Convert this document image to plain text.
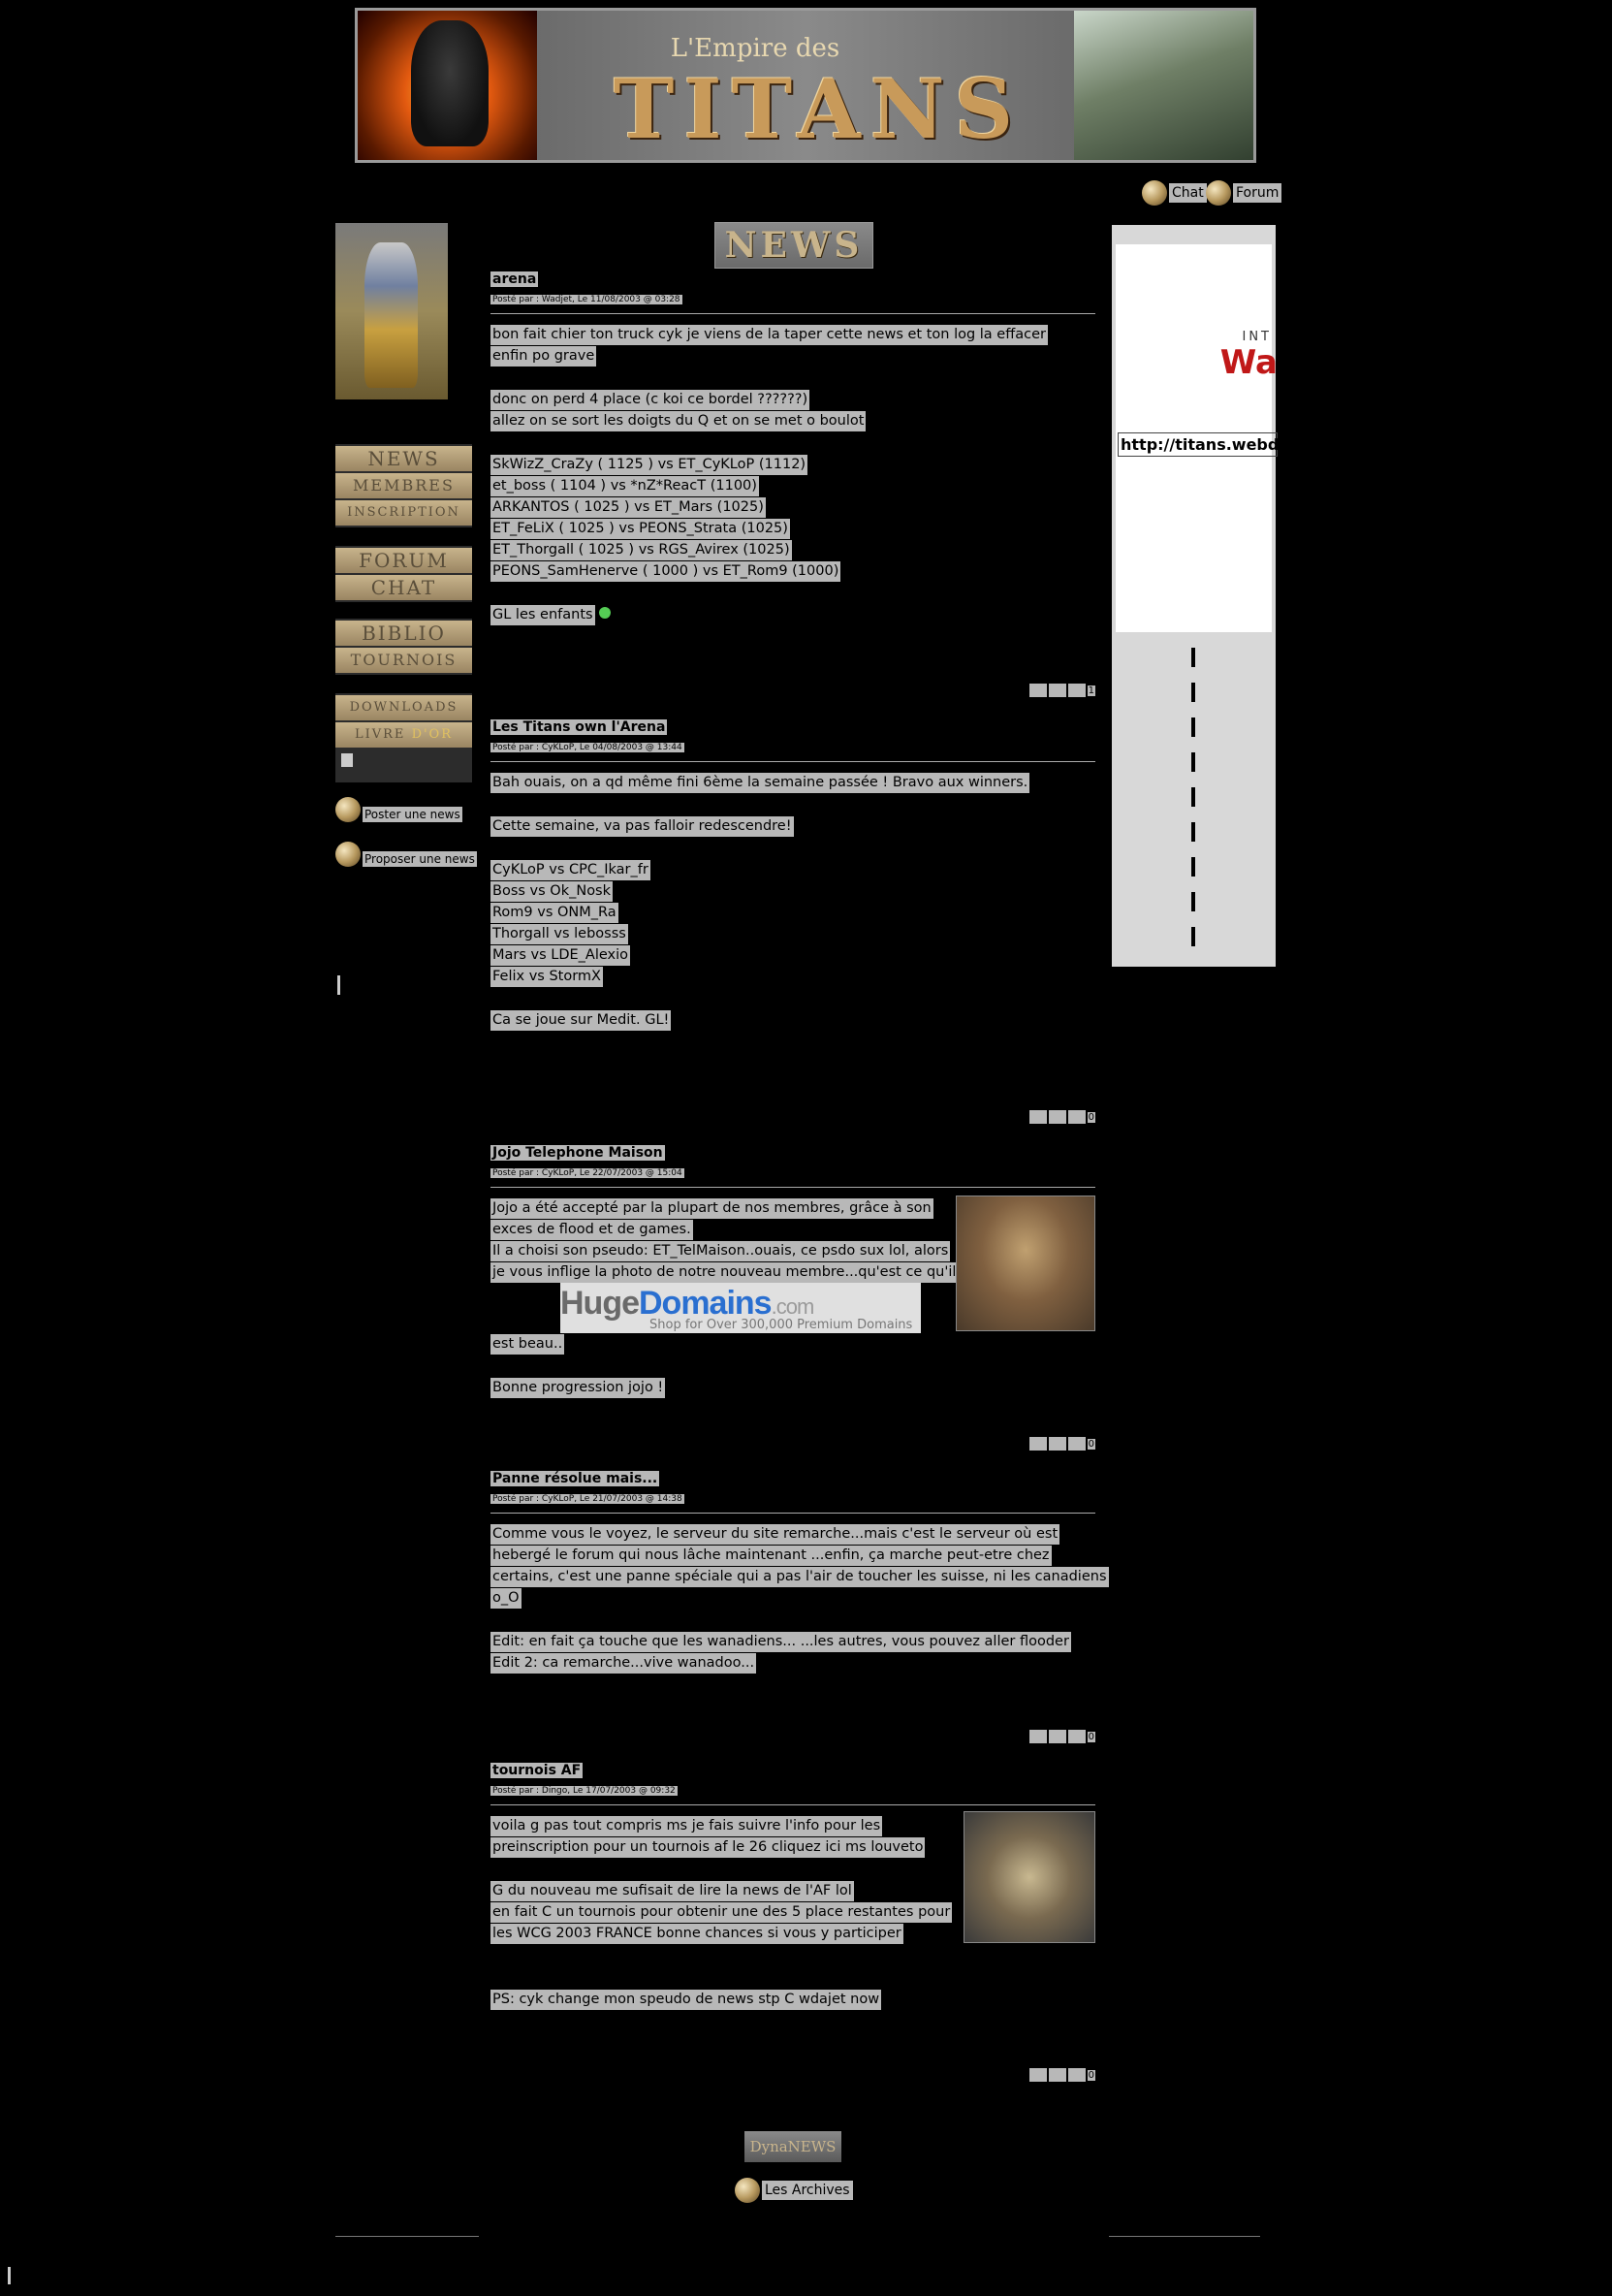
L'Empire des
TITANS
Chat Forum
NEWS
MEMBRES
INSCRIPTION
FORUM
CHAT
BIBLIO
TOURNOIS
DOWNLOADS
LIVRE D'OR
Poster une news
Proposer une news
NEWS
arena
Posté par : Wadjet, Le 11/08/2003 @ 03:28
bon fait chier ton truck cyk je viens de la taper cette news et ton log la effacer
enfin po grave
donc on perd 4 place (c koi ce bordel ??????)
allez on se sort les doigts du Q et on se met o boulot
SkWizZ_CraZy ( 1125 ) vs ET_CyKLoP (1112)
et_boss ( 1104 ) vs *nZ*ReacT (1100)
ARKANTOS ( 1025 ) vs ET_Mars (1025)
ET_FeLiX ( 1025 ) vs PEONS_Strata (1025)
ET_Thorgall ( 1025 ) vs RGS_Avirex (1025)
PEONS_SamHenerve ( 1000 ) vs ET_Rom9 (1000)
GL les enfants
1
Les Titans own l'Arena
Posté par : CyKLoP, Le 04/08/2003 @ 13:44
Bah ouais, on a qd même fini 6ème la semaine passée ! Bravo aux winners.
Cette semaine, va pas falloir redescendre!
CyKLoP vs CPC_Ikar_fr
Boss vs Ok_Nosk
Rom9 vs ONM_Ra
Thorgall vs lebosss
Mars vs LDE_Alexio
Felix vs StormX
Ca se joue sur Medit. GL!
0
Jojo Telephone Maison
Posté par : CyKLoP, Le 22/07/2003 @ 15:04
Jojo a été accepté par la plupart de nos membres, grâce à son
exces de flood et de games.
Il a choisi son pseudo: ET_TelMaison..ouais, ce psdo sux lol, alors
je vous inflige la photo de notre nouveau membre...qu'est ce qu'il
HugeDomains.com
Shop for Over 300,000 Premium Domains
est beau..
Bonne progression jojo !
0
Panne résolue mais...
Posté par : CyKLoP, Le 21/07/2003 @ 14:38
Comme vous le voyez, le serveur du site remarche...mais c'est le serveur où est
hebergé le forum qui nous lâche maintenant ...enfin, ça marche peut-etre chez
certains, c'est une panne spéciale qui a pas l'air de toucher les suisse, ni les canadiens
o_O
Edit: en fait ça touche que les wanadiens... ...les autres, vous pouvez aller flooder
Edit 2: ca remarche...vive wanadoo...
0
tournois AF
Posté par : Dingo, Le 17/07/2003 @ 09:32
voila g pas tout compris ms je fais suivre l'info pour les
preinscription pour un tournois af le 26 cliquez ici ms louveto
G du nouveau me sufisait de lire la news de l'AF lol
en fait C un tournois pour obtenir une des 5 place restantes pour
les WCG 2003 FRANCE bonne chances si vous y participer
PS: cyk change mon speudo de news stp C wdajet now
0
INT
Wa
http://titans.webdynamit.net
DynaNEWS
Les Archives
